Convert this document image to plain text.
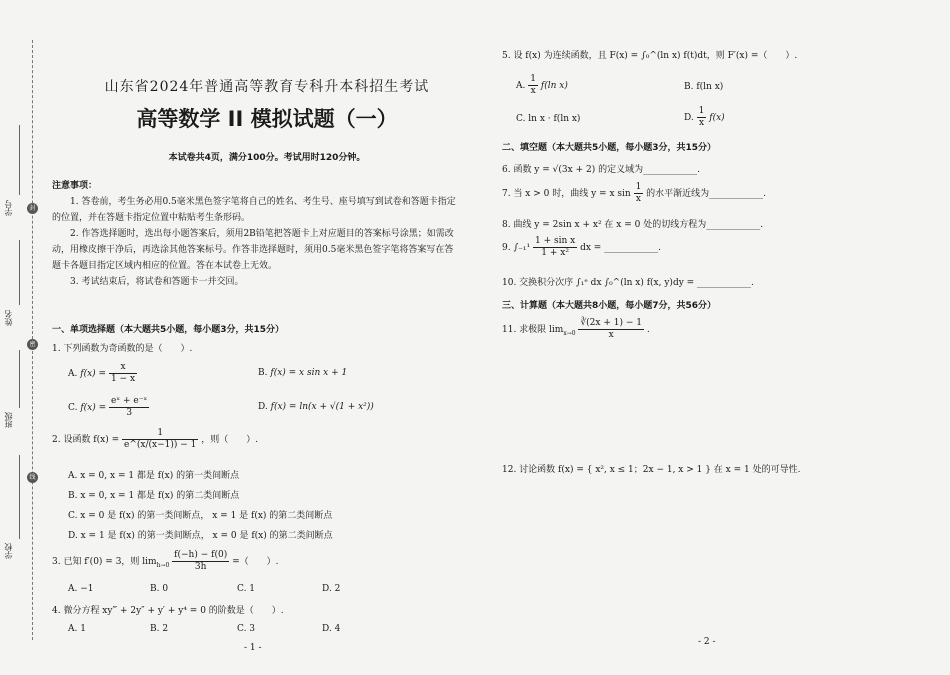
学号
姓名
班级
学校
封
密
线
山东省2024年普通高等教育专科升本科招生考试
高等数学 II 模拟试题（一）
本试卷共4页，满分100分。考试用时120分钟。
注意事项：

1. 答卷前，考生务必用0.5毫米黑色签字笔将自己的姓名、考生号、座号填写到试卷和答题卡指定的位置，并在答题卡指定位置中粘贴考生条形码。

2. 作答选择题时，选出每小题答案后，须用2B铅笔把答题卡上对应题目的答案标号涂黑；如需改动，用橡皮擦干净后，再选涂其他答案标号。作答非选择题时，须用0.5毫米黑色签字笔将答案写在答题卡各题目指定区域内相应的位置。答在本试卷上无效。

3. 考试结束后，将试卷和答题卡一并交回。

一、单项选择题（本大题共5小题，每小题3分，共15分）
1. 下列函数为奇函数的是（　　）.
A. $f(x) = \frac{x}{1 - x}$	B. f(x) = x sin x + 1
C. $f(x) = \frac{\text{eˣ + e⁻ˣ}}{3}$	D. f(x) = ln(x + √(1 + x²))
2. 设函数 $f(x) = \frac{1}{e\^{}(x/(x-1)) - 1}$ ，则（　　）.
A. x = 0, x = 1 都是 f(x) 的第一类间断点
B. x = 0, x = 1 都是 f(x) 的第二类间断点
C. x = 0 是 f(x) 的第一类间断点， x = 1 是 f(x) 的第二类间断点
D. x = 1 是 f(x) 的第一类间断点， x = 0 是 f(x) 的第二类间断点
3. 已知 f′(0) = 3，则 $\lim_{h\to 0} \frac{f(-h) - f(0)}{3h}$ =（　　）.
A. −1	B. 0	C. 1	D. 2
4. 微分方程 xy‴ + 2y″ + y′ + y⁴ = 0 的阶数是（　　）.
A. 1	B. 2	C. 3	D. 4
- 1 -
5. 设 f(x) 为连续函数，且 F(x) = ∫₀^(ln x) f(t)dt，则 F′(x) =（　　）.
A. $\frac{1}{x} f(\ln$ x)	B. f(ln x)
C. ln x · f(ln x)	D. $\frac{1}{x} f(x)$
二、填空题（本大题共5小题，每小题3分，共15分）
6. 函数 y = √(3x + 2) 的定义域为____________.
7. 当 x > 0 时，曲线 y = x $\sin \frac{1}{x}$ 的水平渐近线为____________.
8. 曲线 y = 2sin x + x² 在 x = 0 处的切线方程为____________.
9. $\int_{-1}^1 \frac{\text{1 + sin x}}{\text{1 + x²}}$ dx = ____________.
10. 交换积分次序 ∫₁ᵉ dx ∫₀^(ln x) f(x, y)dy = ____________.
三、计算题（本大题共8小题，每小题7分，共56分）
11. 求极限 $\lim_{x\to 0} \frac{∛(2x + 1) - 1}{x}$ .
12. 讨论函数 f(x) = { x², x ≤ 1；2x − 1, x > 1 } 在 x = 1 处的可导性.
- 2 -
